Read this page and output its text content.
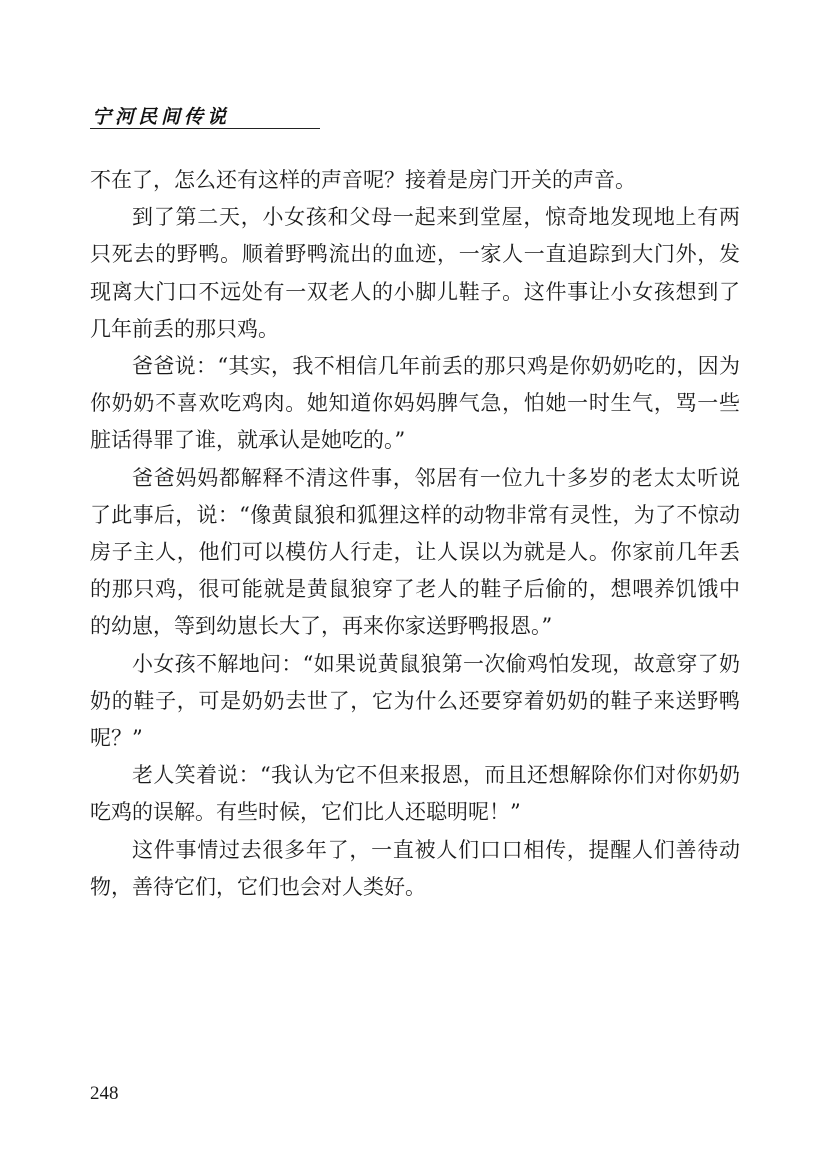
宁河民间传说

不在了，怎么还有这样的声音呢？接着是房门开关的声音。

到了第二天，小女孩和父母一起来到堂屋，惊奇地发现地上有两只死去的野鸭。顺着野鸭流出的血迹，一家人一直追踪到大门外，发现离大门口不远处有一双老人的小脚儿鞋子。这件事让小女孩想到了几年前丢的那只鸡。

爸爸说：“其实，我不相信几年前丢的那只鸡是你奶奶吃的，因为你奶奶不喜欢吃鸡肉。她知道你妈妈脾气急，怕她一时生气，骂一些脏话得罪了谁，就承认是她吃的。”

爸爸妈妈都解释不清这件事，邻居有一位九十多岁的老太太听说了此事后，说：“像黄鼠狼和狐狸这样的动物非常有灵性，为了不惊动房子主人，他们可以模仿人行走，让人误以为就是人。你家前几年丢的那只鸡，很可能就是黄鼠狼穿了老人的鞋子后偷的，想喂养饥饿中的幼崽，等到幼崽长大了，再来你家送野鸭报恩。”

小女孩不解地问：“如果说黄鼠狼第一次偷鸡怕发现，故意穿了奶奶的鞋子，可是奶奶去世了，它为什么还要穿着奶奶的鞋子来送野鸭呢？”

老人笑着说：“我认为它不但来报恩，而且还想解除你们对你奶奶吃鸡的误解。有些时候，它们比人还聪明呢！”

这件事情过去很多年了，一直被人们口口相传，提醒人们善待动物，善待它们，它们也会对人类好。

248
